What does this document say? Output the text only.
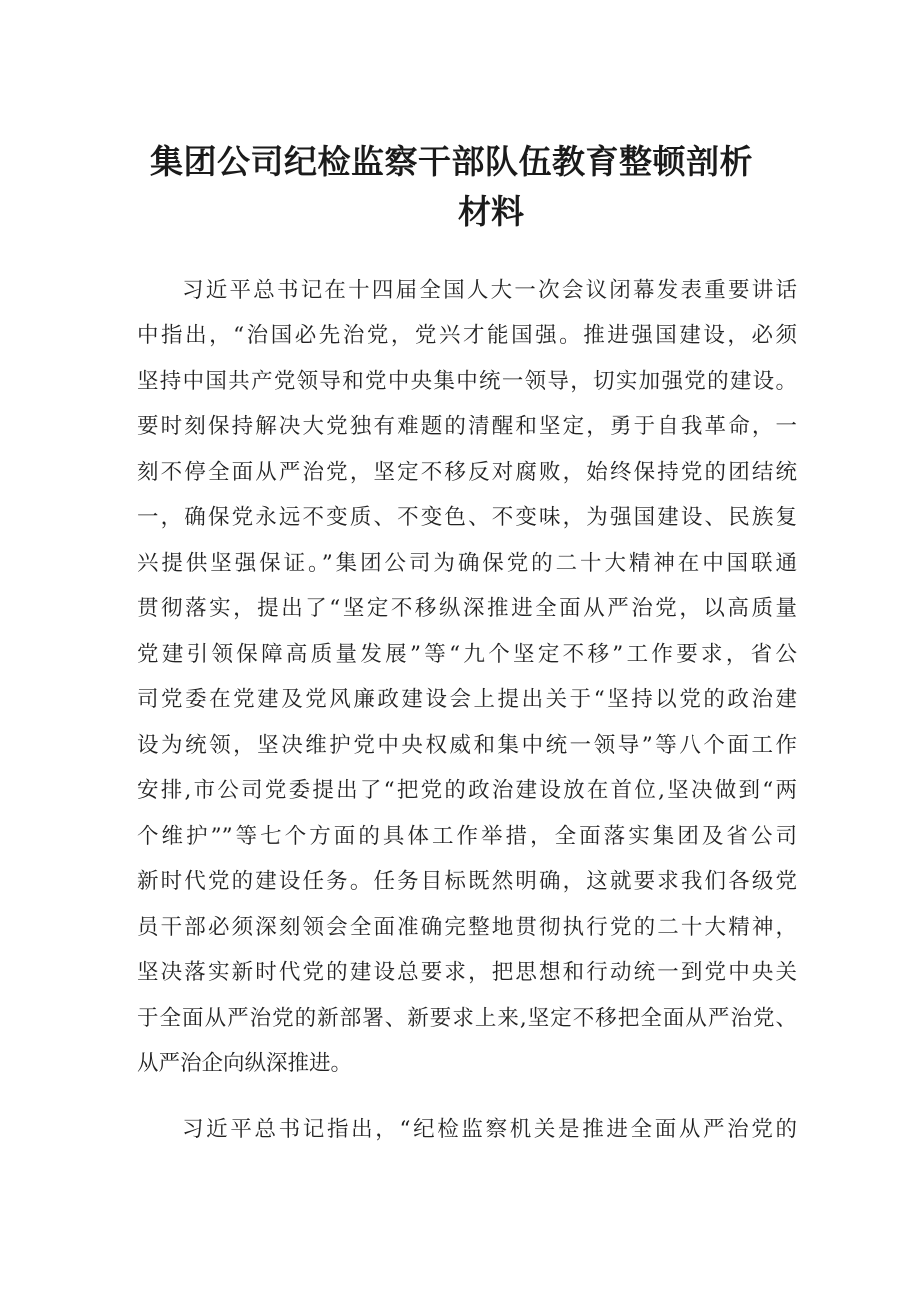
集团公司纪检监察干部队伍教育整顿剖析
材料
习近平总书记在十四届全国人大一次会议闭幕发表重要讲话
中指出，“治国必先治党，党兴才能国强。推进强国建设，必须
坚持中国共产党领导和党中央集中统一领导，切实加强党的建设。
要时刻保持解决大党独有难题的清醒和坚定，勇于自我革命，一
刻不停全面从严治党，坚定不移反对腐败，始终保持党的团结统
一，确保党永远不变质、不变色、不变味，为强国建设、民族复
兴提供坚强保证。”集团公司为确保党的二十大精神在中国联通
贯彻落实，提出了“坚定不移纵深推进全面从严治党，以高质量
党建引领保障高质量发展”等“九个坚定不移”工作要求，省公
司党委在党建及党风廉政建设会上提出关于“坚持以党的政治建
设为统领，坚决维护党中央权威和集中统一领导”等八个面工作
安排,市公司党委提出了“把党的政治建设放在首位,坚决做到“两
个维护””等七个方面的具体工作举措，全面落实集团及省公司
新时代党的建设任务。任务目标既然明确，这就要求我们各级党
员干部必须深刻领会全面准确完整地贯彻执行党的二十大精神，
坚决落实新时代党的建设总要求，把思想和行动统一到党中央关
于全面从严治党的新部署、新要求上来,坚定不移把全面从严治党、
从严治企向纵深推进。
习近平总书记指出，“纪检监察机关是推进全面从严治党的
